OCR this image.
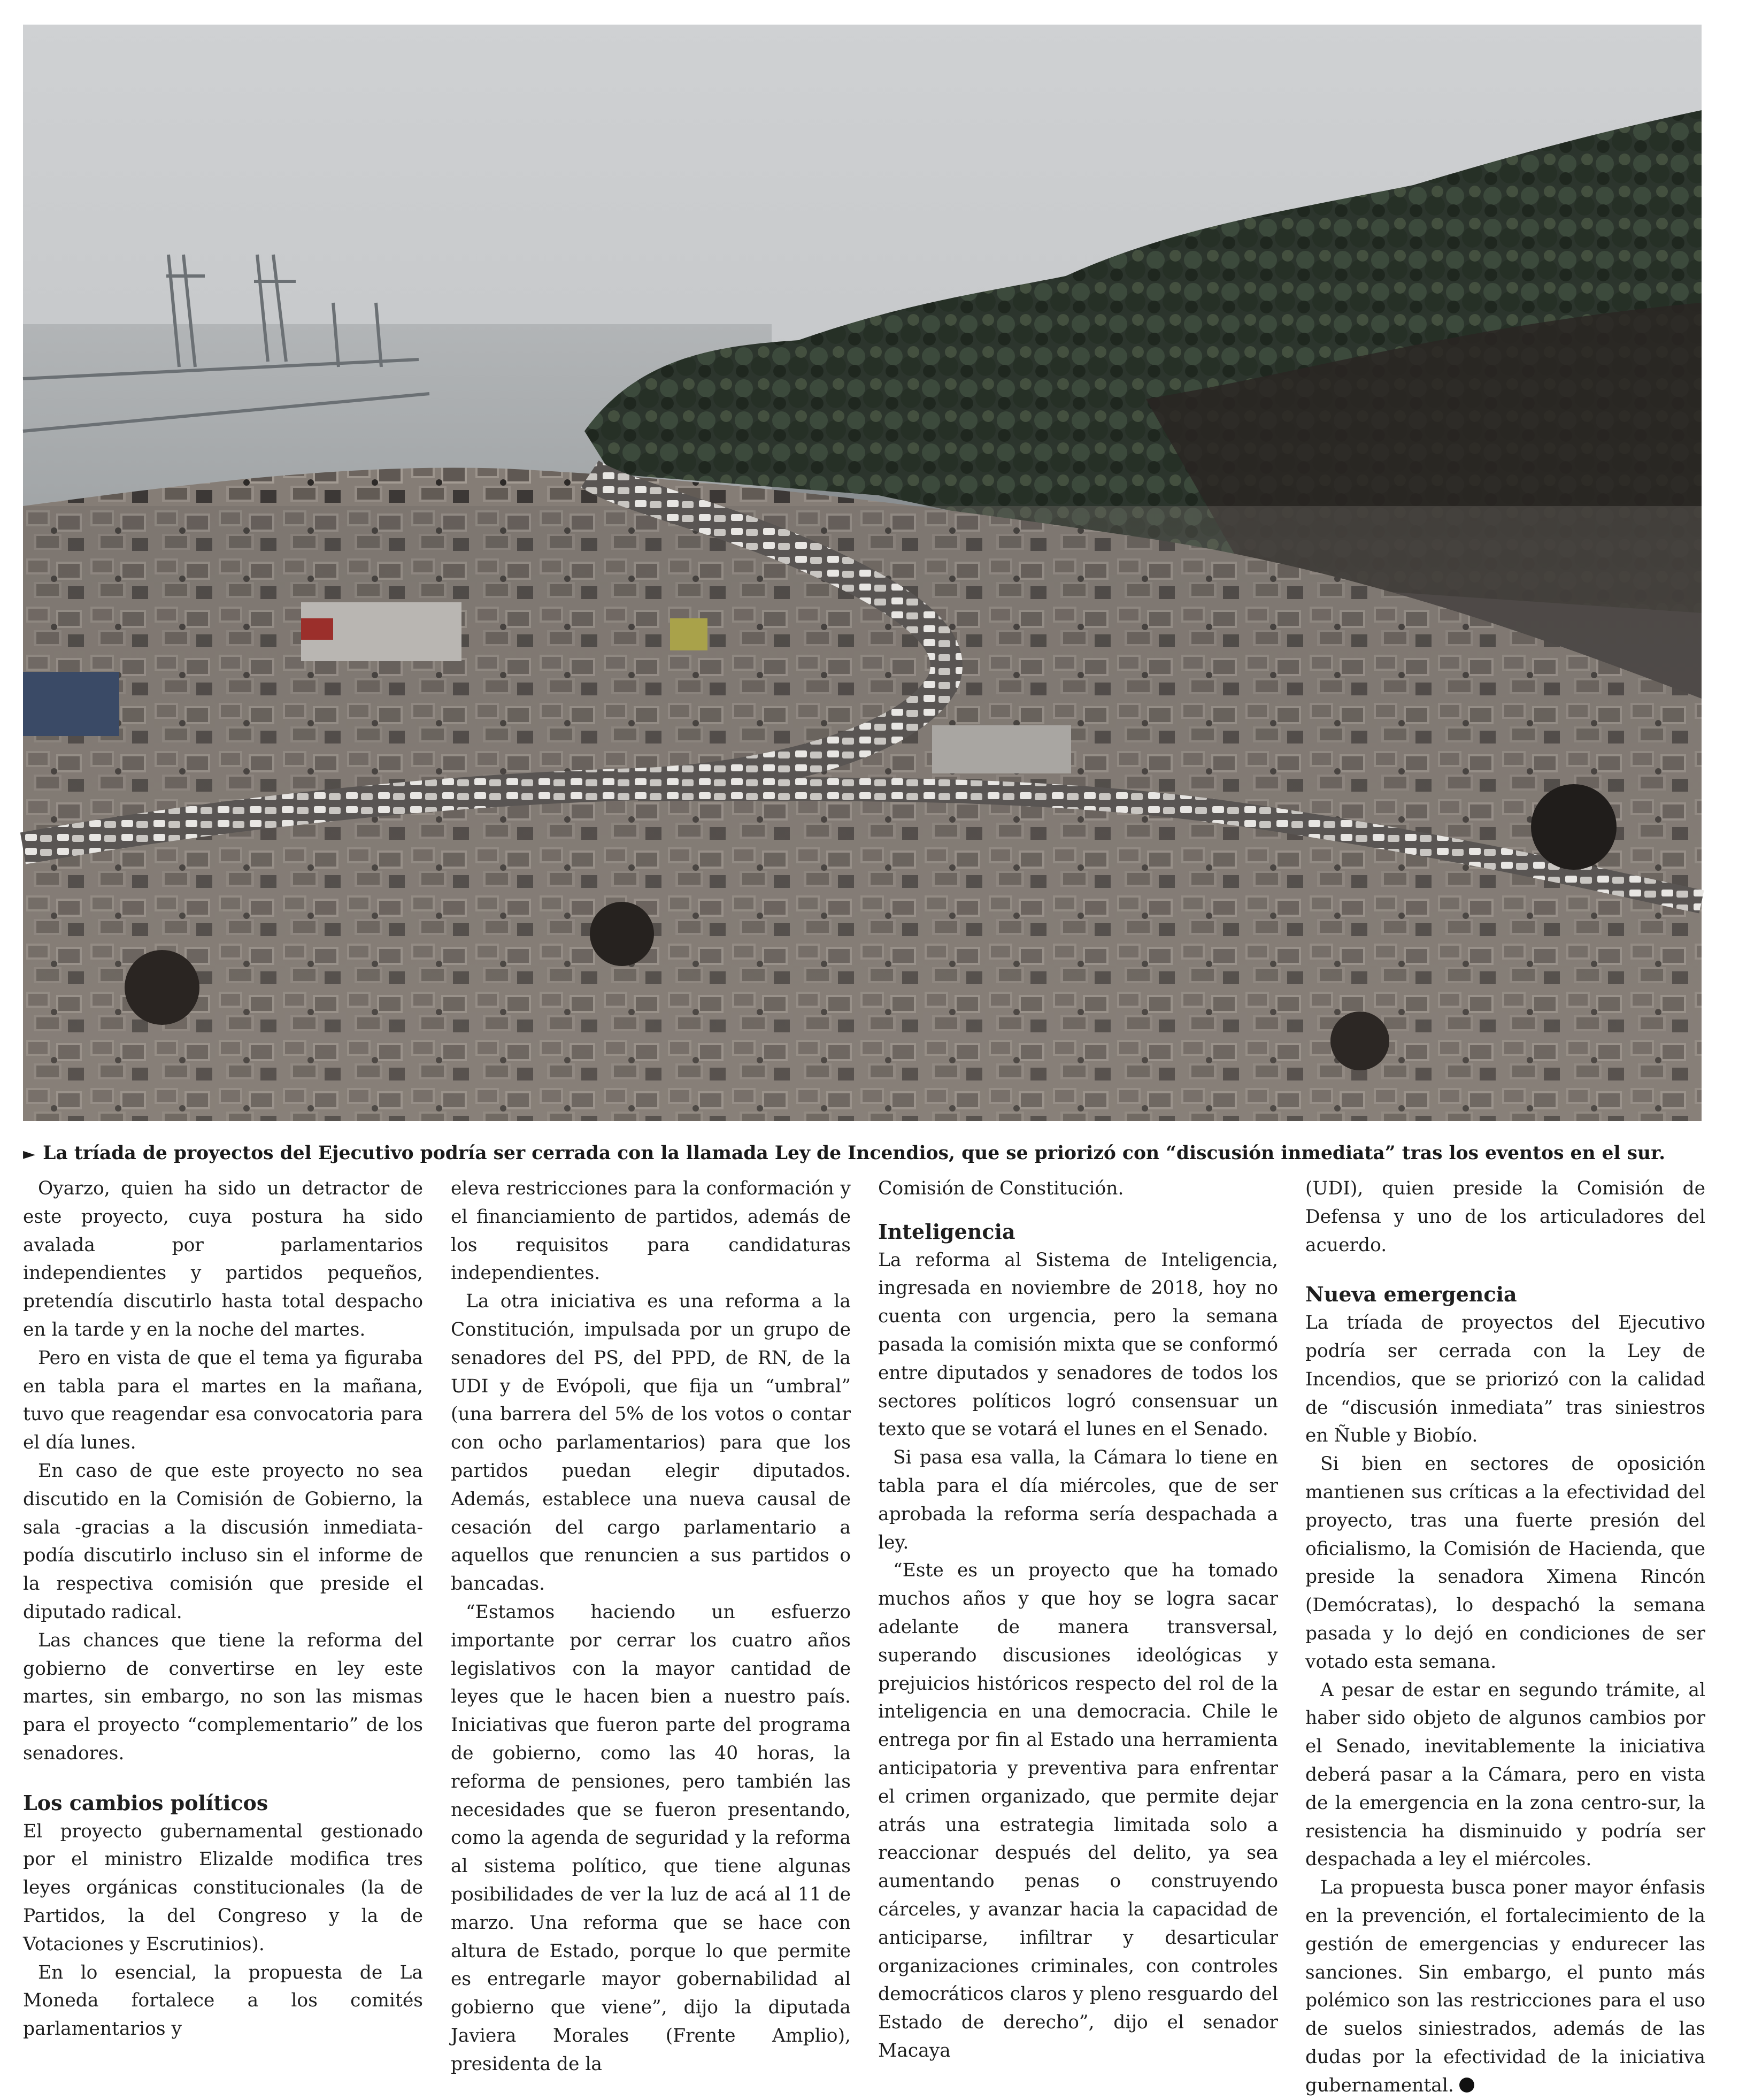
► La tríada de proyectos del Ejecutivo podría ser cerrada con la llamada Ley de Incendios, que se priorizó con “discusión inmediata” tras los eventos en el sur.

Oyarzo, quien ha sido un detractor de este proyecto, cuya postura ha sido avalada por parlamentarios independientes y partidos pequeños, pretendía discutirlo hasta total despacho en la tarde y en la noche del martes.

Pero en vista de que el tema ya figuraba en tabla para el martes en la mañana, tuvo que reagendar esa convocatoria para el día lunes.

En caso de que este proyecto no sea discutido en la Comisión de Gobierno, la sala -gracias a la discusión inmediata- podía discutirlo incluso sin el informe de la respectiva comisión que preside el diputado radical.

Las chances que tiene la reforma del gobierno de convertirse en ley este martes, sin embargo, no son las mismas para el proyecto “complementario” de los senadores.

Los cambios políticos

El proyecto gubernamental gestionado por el ministro Elizalde modifica tres leyes orgánicas constitucionales (la de Partidos, la del Congreso y la de Votaciones y Escrutinios).

En lo esencial, la propuesta de La Moneda fortalece a los comités parlamentarios y

eleva restricciones para la conformación y el financiamiento de partidos, además de los requisitos para candidaturas independientes.

La otra iniciativa es una reforma a la Constitución, impulsada por un grupo de senadores del PS, del PPD, de RN, de la UDI y de Evópoli, que fija un “umbral” (una barrera del 5% de los votos o contar con ocho parlamentarios) para que los partidos puedan elegir diputados. Además, establece una nueva causal de cesación del cargo parlamentario a aquellos que renuncien a sus partidos o bancadas.

“Estamos haciendo un esfuerzo importante por cerrar los cuatro años legislativos con la mayor cantidad de leyes que le hacen bien a nuestro país. Iniciativas que fueron parte del programa de gobierno, como las 40 horas, la reforma de pensiones, pero también las necesidades que se fueron presentando, como la agenda de seguridad y la reforma al sistema político, que tiene algunas posibilidades de ver la luz de acá al 11 de marzo. Una reforma que se hace con altura de Estado, porque lo que permite es entregarle mayor gobernabilidad al gobierno que viene”, dijo la diputada Javiera Morales (Frente Amplio), presidenta de la

Comisión de Constitución.

Inteligencia

La reforma al Sistema de Inteligencia, ingresada en noviembre de 2018, hoy no cuenta con urgencia, pero la semana pasada la comisión mixta que se conformó entre diputados y senadores de todos los sectores políticos logró consensuar un texto que se votará el lunes en el Senado.

Si pasa esa valla, la Cámara lo tiene en tabla para el día miércoles, que de ser aprobada la reforma sería despachada a ley.

“Este es un proyecto que ha tomado muchos años y que hoy se logra sacar adelante de manera transversal, superando discusiones ideológicas y prejuicios históricos respecto del rol de la inteligencia en una democracia. Chile le entrega por fin al Estado una herramienta anticipatoria y preventiva para enfrentar el crimen organizado, que permite dejar atrás una estrategia limitada solo a reaccionar después del delito, ya sea aumentando penas o construyendo cárceles, y avanzar hacia la capacidad de anticiparse, infiltrar y desarticular organizaciones criminales, con controles democráticos claros y pleno resguardo del Estado de derecho”, dijo el senador Macaya

(UDI), quien preside la Comisión de Defensa y uno de los articuladores del acuerdo.

Nueva emergencia

La tríada de proyectos del Ejecutivo podría ser cerrada con la Ley de Incendios, que se priorizó con la calidad de “discusión inmediata” tras siniestros en Ñuble y Biobío.

Si bien en sectores de oposición mantienen sus críticas a la efectividad del proyecto, tras una fuerte presión del oficialismo, la Comisión de Hacienda, que preside la senadora Ximena Rincón (Demócratas), lo despachó la semana pasada y lo dejó en condiciones de ser votado esta semana.

A pesar de estar en segundo trámite, al haber sido objeto de algunos cambios por el Senado, inevitablemente la iniciativa deberá pasar a la Cámara, pero en vista de la emergencia en la zona centro-sur, la resistencia ha disminuido y podría ser despachada a ley el miércoles.

La propuesta busca poner mayor énfasis en la prevención, el fortalecimiento de la gestión de emergencias y endurecer las sanciones. Sin embargo, el punto más polémico son las restricciones para el uso de suelos siniestrados, además de las dudas por la efectividad de la iniciativa gubernamental.
